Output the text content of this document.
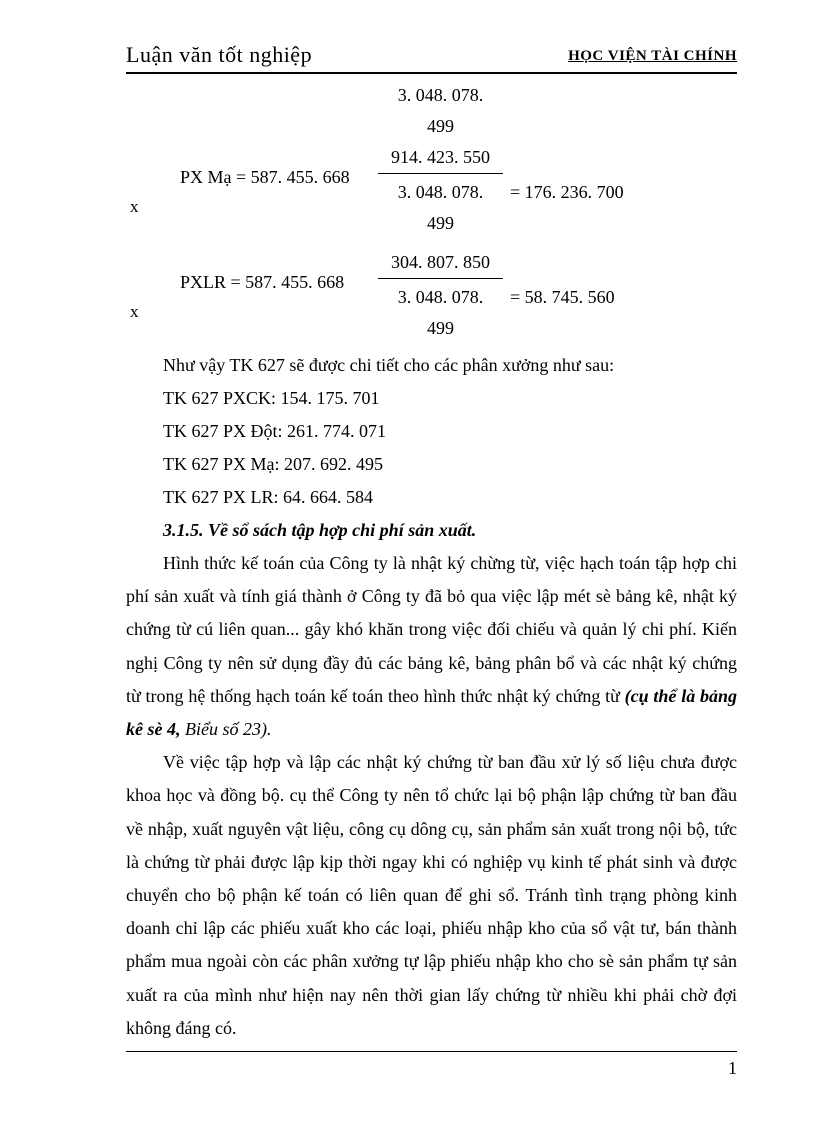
Luận văn tốt nghiệp	HỌC VIỆN TÀI CHÍNH
3. 048. 078.
499
x
PX Mạ = 587. 455. 668 914. 423. 550
3. 048. 078.
499 = 176. 236. 700
x
PXLR = 587. 455. 668 304. 807. 850
3. 048. 078.
499 = 58. 745. 560
Như vậy TK 627 sẽ được chi tiết cho các phân xưởng như sau:
TK 627 PXCK: 154. 175. 701
TK 627 PX Đột: 261. 774. 071
TK 627 PX Mạ: 207. 692. 495
TK 627 PX LR: 64. 664. 584
3.1.5. Về sổ sách tập hợp chi phí sản xuất.

Hình thức kế toán của Công ty là nhật ký chừng từ, việc hạch toán tập hợp chi phí sản xuất và tính giá thành ở Công ty đã bỏ qua việc lập mét sè bảng kê, nhật ký chứng từ cú liên quan... gây khó khăn trong việc đối chiếu và quản lý chi phí. Kiến nghị Công ty nên sử dụng đầy đủ các bảng kê, bảng phân bổ và các nhật ký chứng từ trong hệ thống hạch toán kế toán theo hình thức nhật ký chứng từ (cụ thể là bảng kê sè 4, Biểu số 23).

Về việc tập hợp và lập các nhật ký chứng từ ban đầu xử lý số liệu chưa được khoa học và đồng bộ. cụ thể Công ty nên tổ chức lại bộ phận lập chứng từ ban đầu về nhập, xuất nguyên vật liệu, công cụ dông cụ, sản phẩm sản xuất trong nội bộ, tức là chứng từ phải được lập kịp thời ngay khi có nghiệp vụ kinh tế phát sinh và được chuyển cho bộ phận kế toán có liên quan để ghi sổ. Tránh tình trạng phòng kinh doanh chỉ lập các phiếu xuất kho các loại, phiếu nhập kho của sổ vật tư, bán thành phẩm mua ngoài còn các phân xưởng tự lập phiếu nhập kho cho sè sản phẩm tự sản xuất ra của mình như hiện nay nên thời gian lấy chứng từ nhiều khi phải chờ đợi không đáng có.

1
